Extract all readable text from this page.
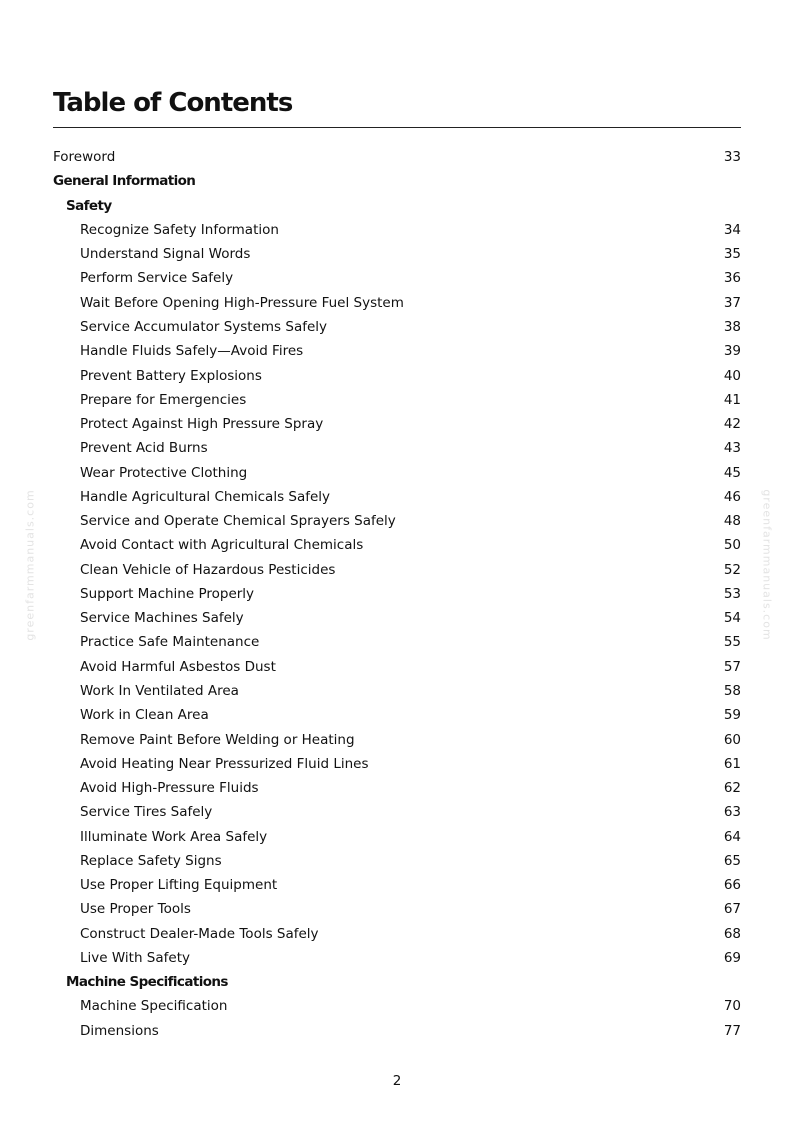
Table of Contents
Foreword	33
General Information
Safety
Recognize Safety Information	34
Understand Signal Words	35
Perform Service Safely	36
Wait Before Opening High-Pressure Fuel System	37
Service Accumulator Systems Safely	38
Handle Fluids Safely—Avoid Fires	39
Prevent Battery Explosions	40
Prepare for Emergencies	41
Protect Against High Pressure Spray	42
Prevent Acid Burns	43
Wear Protective Clothing	45
Handle Agricultural Chemicals Safely	46
Service and Operate Chemical Sprayers Safely	48
Avoid Contact with Agricultural Chemicals	50
Clean Vehicle of Hazardous Pesticides	52
Support Machine Properly	53
Service Machines Safely	54
Practice Safe Maintenance	55
Avoid Harmful Asbestos Dust	57
Work In Ventilated Area	58
Work in Clean Area	59
Remove Paint Before Welding or Heating	60
Avoid Heating Near Pressurized Fluid Lines	61
Avoid High-Pressure Fluids	62
Service Tires Safely	63
Illuminate Work Area Safely	64
Replace Safety Signs	65
Use Proper Lifting Equipment	66
Use Proper Tools	67
Construct Dealer-Made Tools Safely	68
Live With Safety	69
Machine Specifications
Machine Specification	70
Dimensions	77
greenfarmmanuals.com	greenfarmmanuals.com
2
